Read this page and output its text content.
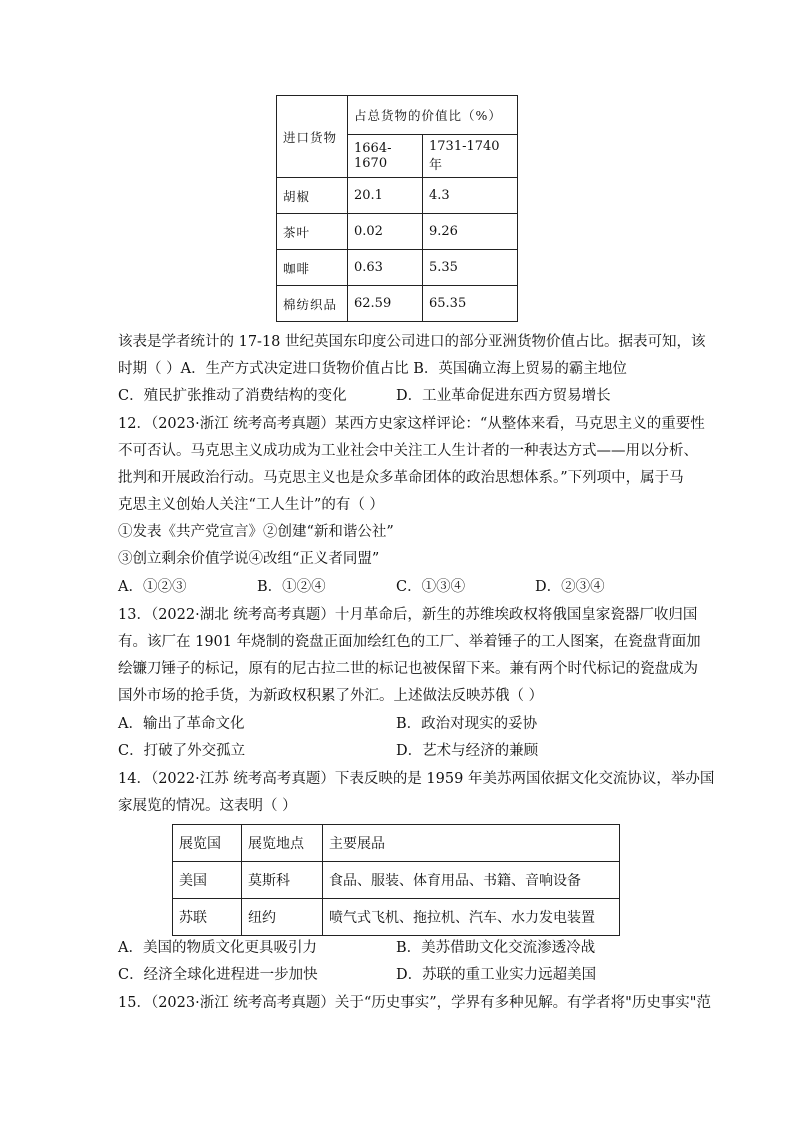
进口货物	占总货物的价值比（%）	
	1664-1670	1731-1740 年
胡椒	20.1	4.3
茶叶	0.02	9.26
咖啡	0.63	5.35
棉纺织品	62.59	65.35
该表是学者统计的 17-18 世纪英国东印度公司进口的部分亚洲货物价值占比。据表可知，该
时期（ ）A．生产方式决定进口货物价值占比 B．英国确立海上贸易的霸主地位
C．殖民扩张推动了消费结构的变化	D．工业革命促进东西方贸易增长
12．（2023·浙江 统考高考真题）某西方史家这样评论：“从整体来看，马克思主义的重要性
不可否认。马克思主义成功成为工业社会中关注工人生计者的一种表达方式——用以分析、
批判和开展政治行动。马克思主义也是众多革命团体的政治思想体系。”下列项中，属于马
克思主义创始人关注“工人生计”的有（ ）
①发表《共产党宣言》②创建“新和谐公社”
③创立剩余价值学说④改组“正义者同盟”
A．①②③	B．①②④	C．①③④	D．②③④
13．（2022·湖北 统考高考真题）十月革命后，新生的苏维埃政权将俄国皇家瓷器厂收归国
有。该厂在 1901 年烧制的瓷盘正面加绘红色的工厂、举着锤子的工人图案，在瓷盘背面加
绘镰刀锤子的标记，原有的尼古拉二世的标记也被保留下来。兼有两个时代标记的瓷盘成为
国外市场的抢手货，为新政权积累了外汇。上述做法反映苏俄（ ）
A．输出了革命文化	B．政治对现实的妥协
C．打破了外交孤立	D．艺术与经济的兼顾
14．（2022·江苏 统考高考真题）下表反映的是 1959 年美苏两国依据文化交流协议，举办国
家展览的情况。这表明（ ）
展览国	展览地点	主要展品
美国	莫斯科	食品、服装、体育用品、书籍、音响设备
苏联	纽约	喷气式飞机、拖拉机、汽车、水力发电装置
A．美国的物质文化更具吸引力	B．美苏借助文化交流渗透冷战
C．经济全球化进程进一步加快	D．苏联的重工业实力远超美国
15．（2023·浙江 统考高考真题）关于“历史事实”，学界有多种见解。有学者将"历史事实"范
